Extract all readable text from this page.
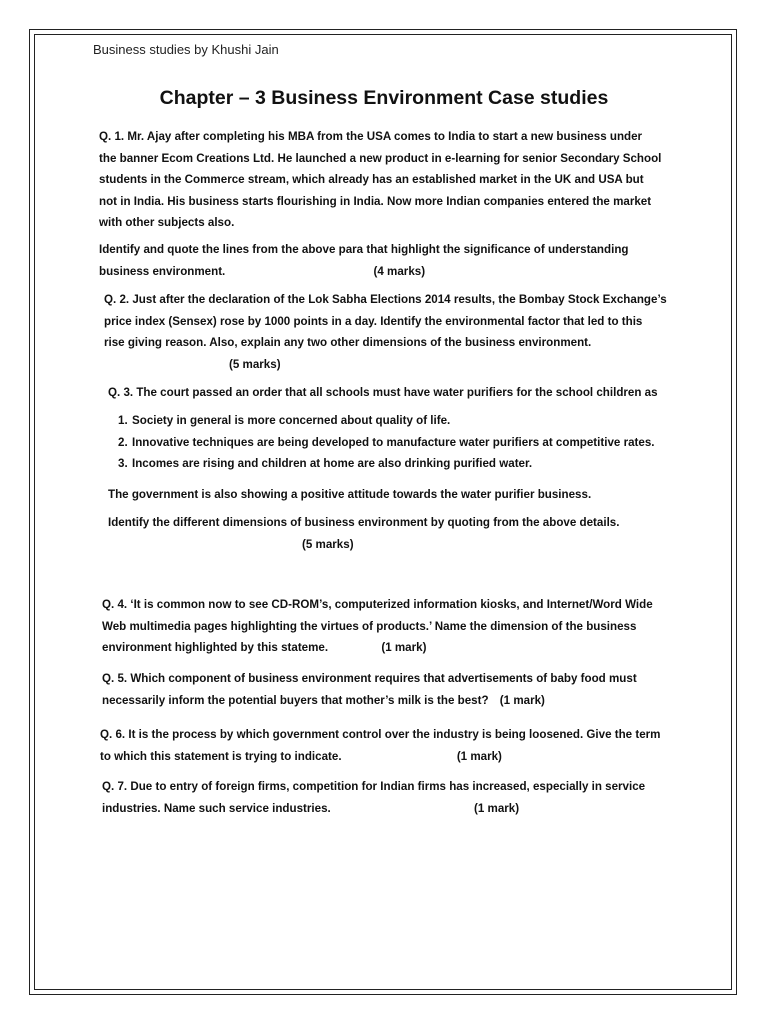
Business studies by Khushi Jain
Chapter – 3 Business Environment Case studies

Q. 1. Mr. Ajay after completing his MBA from the USA comes to India to start a new business under

the banner Ecom Creations Ltd. He launched a new product in e-learning for senior Secondary School

students in the Commerce stream, which already has an established market in the UK and USA but

not in India. His business starts flourishing in India. Now more Indian companies entered the market

with other subjects also.

Identify and quote the lines from the above para that highlight the significance of understanding

business environment.	(4 marks)

Q. 2. Just after the declaration of the Lok Sabha Elections 2014 results, the Bombay Stock Exchange’s

price index (Sensex) rose by 1000 points in a day. Identify the environmental factor that led to this

rise giving reason. Also, explain any two other dimensions of the business environment.

(5 marks)

Q. 3. The court passed an order that all schools must have water purifiers for the school children as
1. Society in general is more concerned about quality of life.
2. Innovative techniques are being developed to manufacture water purifiers at competitive rates.
3. Incomes are rising and children at home are also drinking purified water.
The government is also showing a positive attitude towards the water purifier business.
Identify the different dimensions of business environment by quoting from the above details.
(5 marks)

Q. 4. ‘It is common now to see CD-ROM’s, computerized information kiosks, and Internet/Word Wide

Web multimedia pages highlighting the virtues of products.’ Name the dimension of the business

environment highlighted by this stateme.	(1 mark)

Q. 5. Which component of business environment requires that advertisements of baby food must

necessarily inform the potential buyers that mother’s milk is the best? (1 mark)

Q. 6. It is the process by which government control over the industry is being loosened. Give the term

to which this statement is trying to indicate.	(1 mark)

Q. 7. Due to entry of foreign firms, competition for Indian firms has increased, especially in service

industries. Name such service industries.	(1 mark)
